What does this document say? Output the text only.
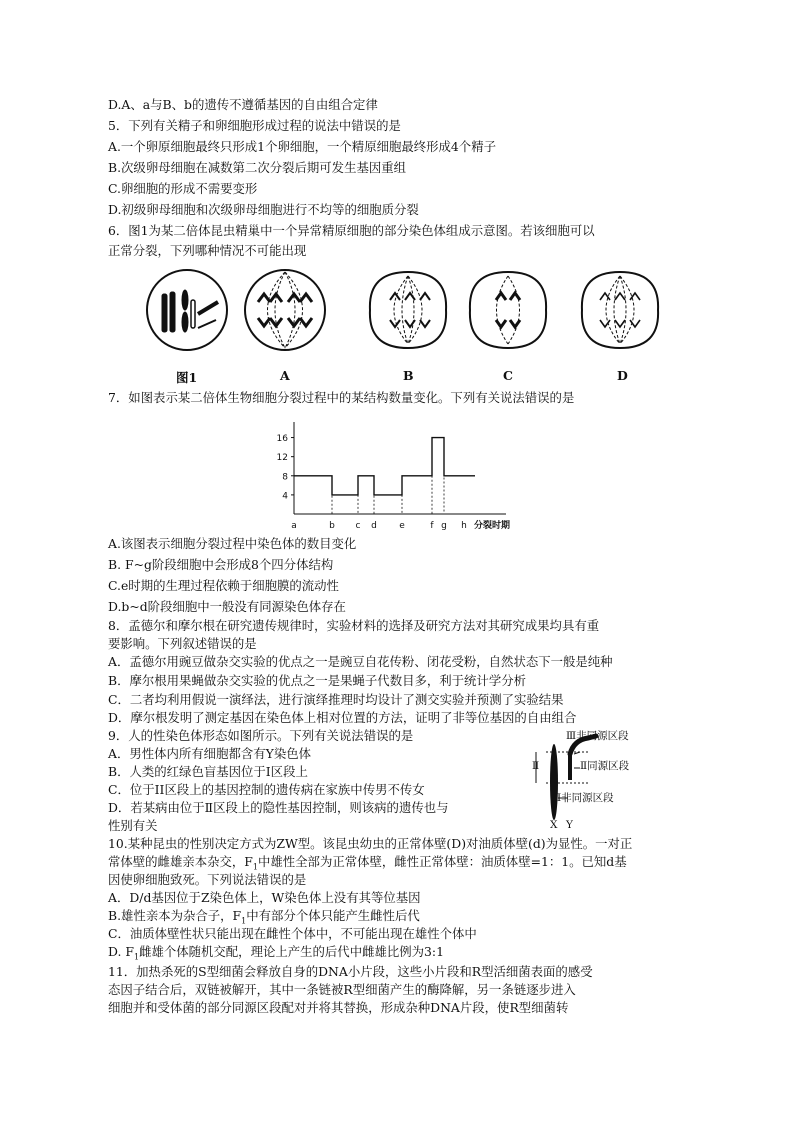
D.A、a与B、b的遗传不遵循基因的自由组合定律
5．下列有关精子和卵细胞形成过程的说法中错误的是
A.一个卵原细胞最终只形成1个卵细胞，一个精原细胞最终形成4个精子
B.次级卵母细胞在减数第二次分裂后期可发生基因重组
C.卵细胞的形成不需要变形
D.初级卵母细胞和次级卵母细胞进行不均等的细胞质分裂
6．图1为某二倍体昆虫精巢中一个异常精原细胞的部分染色体组成示意图。若该细胞可以
正常分裂，下列哪种情况不可能出现
图1	A	B	C	D
7．如图表示某二倍体生物细胞分裂过程中的某结构数量变化。下列有关说法错误的是
4
8
12
16
a	b c d e	f g h 分裂时期
A.该图表示细胞分裂过程中染色体的数目变化
B. F~g阶段细胞中会形成8个四分体结构
C.e时期的生理过程依赖于细胞膜的流动性
D.b~d阶段细胞中一般没有同源染色体存在
8．孟德尔和摩尔根在研究遗传规律时，实验材料的选择及研究方法对其研究成果均具有重
要影响。下列叙述错误的是
A．孟德尔用豌豆做杂交实验的优点之一是豌豆自花传粉、闭花受粉，自然状态下一般是纯种
B．摩尔根用果蝇做杂交实验的优点之一是果蝇子代数目多，利于统计学分析
C．二者均利用假说一演绎法，进行演绎推理时均设计了测交实验并预测了实验结果
D．摩尔根发明了测定基因在染色体上相对位置的方法，证明了非等位基因的自由组合
9．人的性染色体形态如图所示。下列有关说法错误的是
A．男性体内所有细胞都含有Y染色体
B．人类的红绿色盲基因位于I区段上
C．位于II区段上的基因控制的遗传病在家族中传男不传女
D．若某病由位于Ⅱ区段上的隐性基因控制，则该病的遗传也与
性别有关
Ⅲ非同源区段
Ⅱ同源区段
I非同源区段
Ⅱ
X Y
10.某种昆虫的性别决定方式为ZW型。该昆虫幼虫的正常体壁(D)对油质体壁(d)为显性。一对正
常体壁的雌雄亲本杂交，$F_1$中雄性全部为正常体壁，雌性正常体壁：油质体壁=1：1。已知d基
因使卵细胞致死。下列说法错误的是
A．D/d基因位于Z染色体上，W染色体上没有其等位基因
B.雄性亲本为杂合子，$F_1$中有部分个体只能产生雌性后代
C．油质体壁性状只能出现在雌性个体中，不可能出现在雄性个体中
D. $F_1$雌雄个体随机交配，理论上产生的后代中雌雄比例为3:1
11．加热杀死的S型细菌会释放自身的DNA小片段，这些小片段和R型活细菌表面的感受
态因子结合后，双链被解开，其中一条链被R型细菌产生的酶降解，另一条链逐步进入
细胞并和受体菌的部分同源区段配对并将其替换，形成杂种DNA片段，使R型细菌转
